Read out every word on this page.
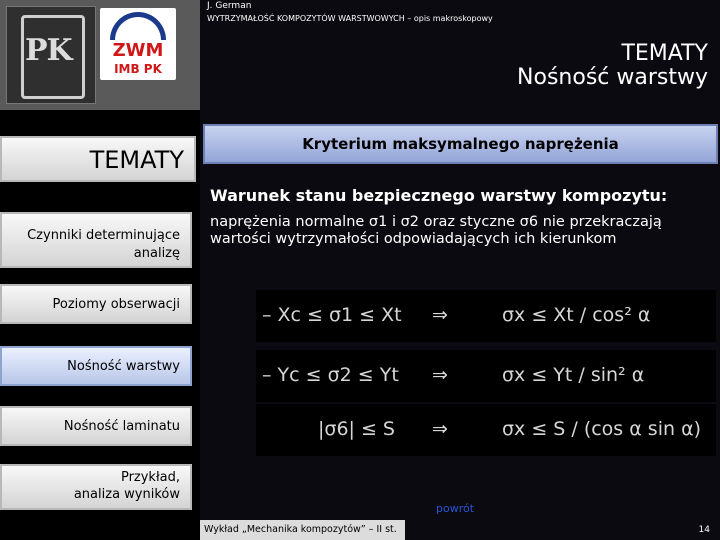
PK	ZWM
IMB PK
TEMATY
Czynniki determinujące
analizę
Poziomy obserwacji
Nośność warstwy
Nośność laminatu
Przykład,
analiza wyników
J. German
WYTRZYMAŁOŚĆ KOMPOZYTÓW WARSTWOWYCH – opis makroskopowy
TEMATY
Nośność warstwy
Kryterium maksymalnego naprężenia
Warunek stanu bezpiecznego warstwy kompozytu:
naprężenia normalne σ1 i σ2 oraz styczne σ6 nie przekraczają
wartości wytrzymałości odpowiadających ich kierunkom
– Xc ≤ σ1 ≤ Xt ⇒	σx ≤ Xt / cos² α
– Yc ≤ σ2 ≤ Yt ⇒	σx ≤ Yt / sin² α
|σ6| ≤ S ⇒	σx ≤ S / (cos α sin α)
powrót
Wykład „Mechanika kompozytów” – II st.	14
